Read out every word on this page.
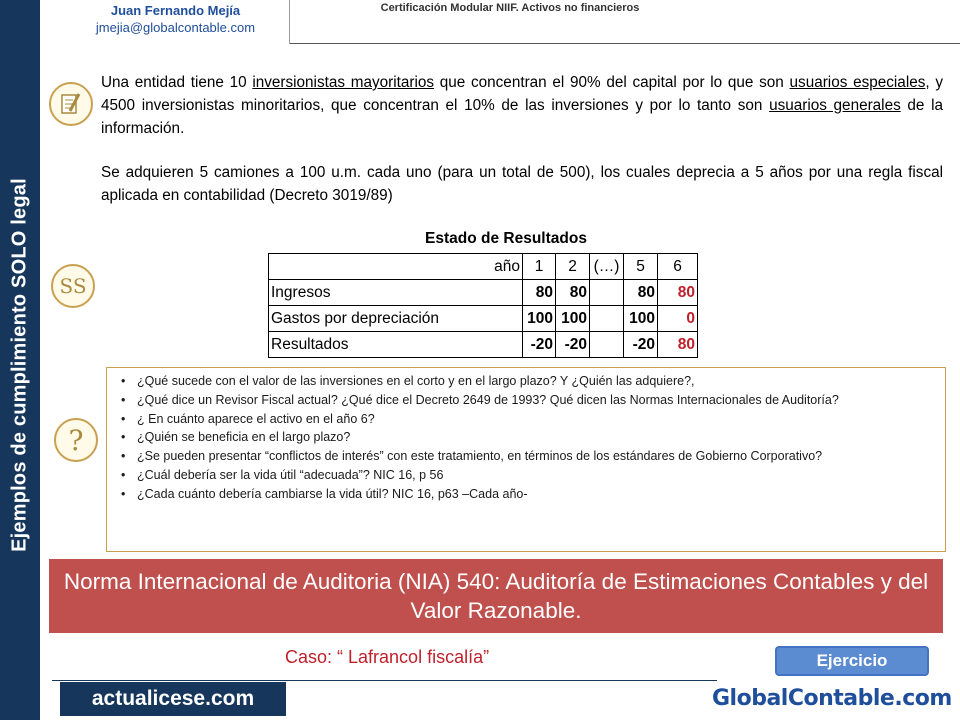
Ejemplos de cumplimiento SOLO legal
Juan Fernando Mejía
jmejia@globalcontable.com
Certificación Modular NIIF. Activos no financieros
Una entidad tiene 10 inversionistas mayoritarios que concentran el 90% del capital por lo que son usuarios especiales, y 4500 inversionistas minoritarios, que concentran el 10% de las inversiones y por lo tanto son usuarios generales de la información.
Se adquieren 5 camiones a 100 u.m. cada uno (para un total de 500), los cuales deprecia a 5 años por una regla fiscal aplicada en contabilidad (Decreto 3019/89)
SS
Estado de Resultados
año	1	2	(…)	5	6
Ingresos	80	80		80	80
Gastos por depreciación	100	100		100	0
Resultados	-20	-20		-20	80
?
• ¿Qué sucede con el valor de las inversiones en el corto y en el largo plazo? Y ¿Quién las adquiere?,
• ¿Qué dice un Revisor Fiscal actual? ¿Qué dice el Decreto 2649 de 1993? Qué dicen las Normas Internacionales de Auditoría?
• ¿ En cuánto aparece el activo en el año 6?
• ¿Quién se beneficia en el largo plazo?
• ¿Se pueden presentar “conflictos de interés” con este tratamiento, en términos de los estándares de Gobierno Corporativo?
• ¿Cuál debería ser la vida útil “adecuada”? NIC 16, p 56
• ¿Cada cuánto debería cambiarse la vida útil? NIC 16, p63 –Cada año-
Norma Internacional de Auditoria (NIA) 540: Auditoría de Estimaciones Contables y del Valor Razonable.
Caso: “ Lafrancol fiscalía”	Ejercicio
actualicese.com	GlobalContable.com
